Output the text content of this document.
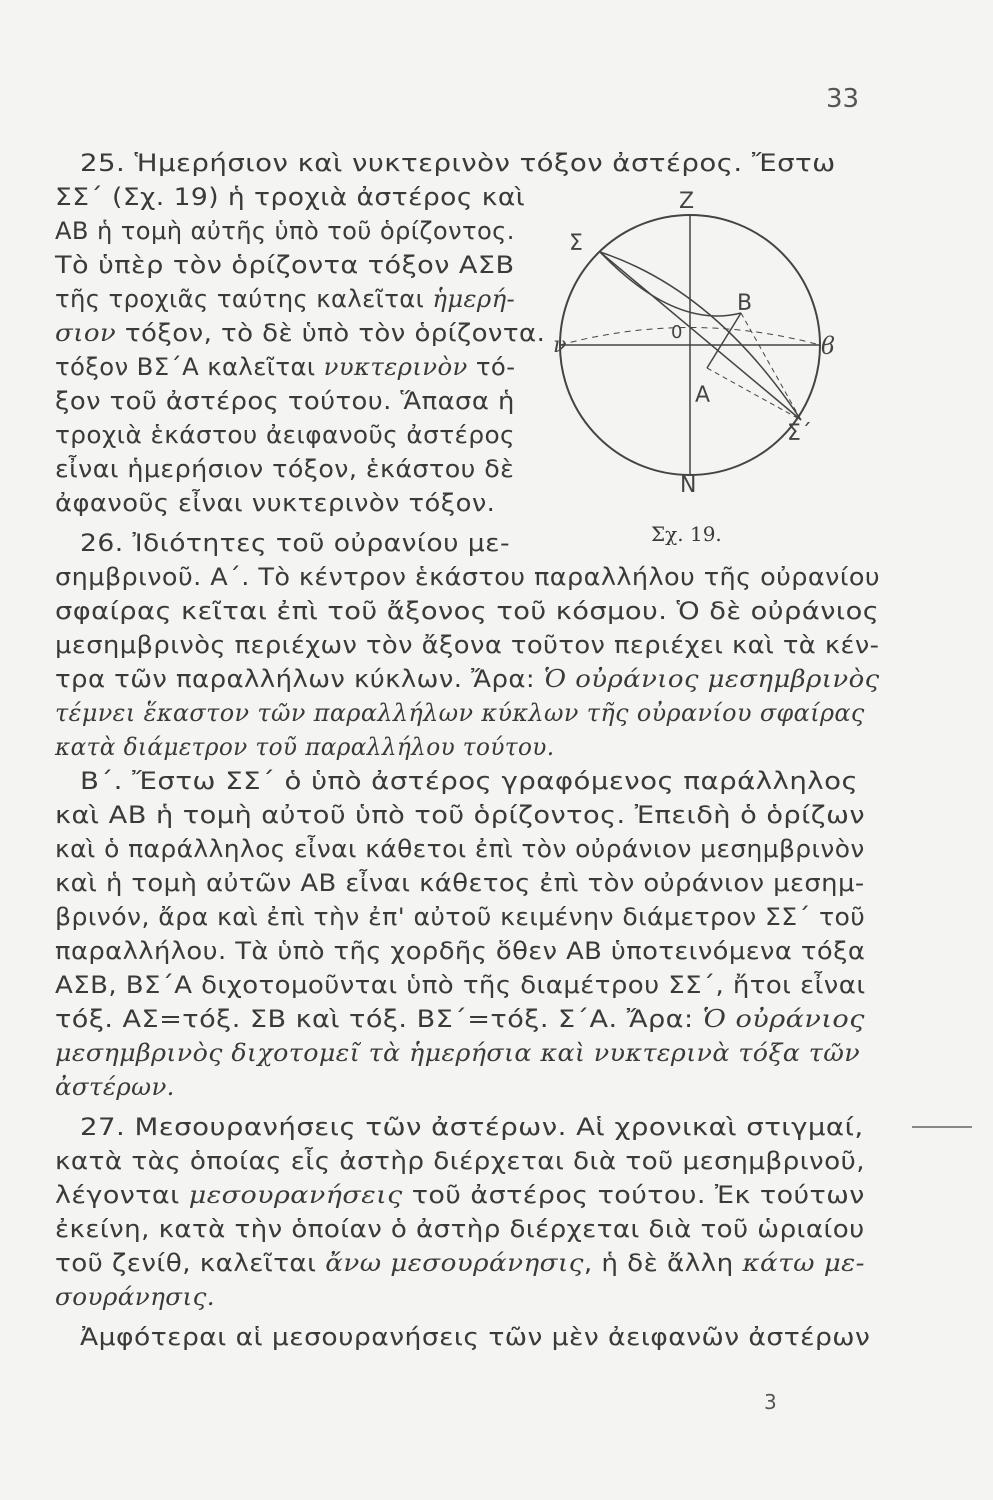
33
25. Ἡμερήσιον καὶ νυκτερινὸν τόξον ἀστέρος. Ἔστω
ΣΣ΄ (Σχ. 19) ἡ τροχιὰ ἀστέρος καὶ
ΑΒ ἡ τομὴ αὐτῆς ὑπὸ τοῦ ὁρίζοντος.
Τὸ ὑπὲρ τὸν ὁρίζοντα τόξον ΑΣΒ
τῆς τροχιᾶς ταύτης καλεῖται ἡμερή-
σιον τόξον, τὸ δὲ ὑπὸ τὸν ὁρίζοντα.
τόξον ΒΣ΄Α καλεῖται νυκτερινὸν τό-
ξον τοῦ ἀστέρος τούτου. Ἅπασα ἡ
τροχιὰ ἑκάστου ἀειφανοῦς ἀστέρος
εἶναι ἡμερήσιον τόξον, ἑκάστου δὲ
ἀφανοῦς εἶναι νυκτερινὸν τόξον.
26. Ἰδιότητες τοῦ οὐρανίου με-
σημβρινοῦ. Α΄. Τὸ κέντρον ἑκάστου παραλλήλου τῆς οὐρανίου
σφαίρας κεῖται ἐπὶ τοῦ ἄξονος τοῦ κόσμου. Ὁ δὲ οὐράνιος
μεσημβρινὸς περιέχων τὸν ἄξονα τοῦτον περιέχει καὶ τὰ κέν-
τρα τῶν παραλλήλων κύκλων. Ἄρα: Ὁ οὐράνιος μεσημβρινὸς
τέμνει ἕκαστον τῶν παραλλήλων κύκλων τῆς οὐρανίου σφαίρας
κατὰ διάμετρον τοῦ παραλλήλου τούτου.
Β΄. Ἔστω ΣΣ΄ ὁ ὑπὸ ἀστέρος γραφόμενος παράλληλος
καὶ ΑΒ ἡ τομὴ αὐτοῦ ὑπὸ τοῦ ὁρίζοντος. Ἐπειδὴ ὁ ὁρίζων
καὶ ὁ παράλληλος εἶναι κάθετοι ἐπὶ τὸν οὐράνιον μεσημβρινὸν
καὶ ἡ τομὴ αὐτῶν ΑΒ εἶναι κάθετος ἐπὶ τὸν οὐράνιον μεσημ-
βρινόν, ἄρα καὶ ἐπὶ τὴν ἐπ' αὐτοῦ κειμένην διάμετρον ΣΣ΄ τοῦ
παραλλήλου. Τὰ ὑπὸ τῆς χορδῆς ὅθεν ΑΒ ὑποτεινόμενα τόξα
ΑΣΒ, ΒΣ΄Α διχοτομοῦνται ὑπὸ τῆς διαμέτρου ΣΣ΄, ἤτοι εἶναι
τόξ. ΑΣ=τόξ. ΣΒ καὶ τόξ. ΒΣ΄=τόξ. Σ΄Α. Ἄρα: Ὁ οὐράνιος
μεσημβρινὸς διχοτομεῖ τὰ ἡμερήσια καὶ νυκτερινὰ τόξα τῶν
ἀστέρων.
27. Μεσουρανήσεις τῶν ἀστέρων. Αἱ χρονικαὶ στιγμαί,
κατὰ τὰς ὁποίας εἷς ἀστὴρ διέρχεται διὰ τοῦ μεσημβρινοῦ,
λέγονται μεσουρανήσεις τοῦ ἀστέρος τούτου. Ἐκ τούτων
ἐκείνη, κατὰ τὴν ὁποίαν ὁ ἀστὴρ διέρχεται διὰ τοῦ ὡριαίου
τοῦ ζενίθ, καλεῖται ἄνω μεσουράνησις, ἡ δὲ ἄλλη κάτω με-
σουράνησις.
Ἀμφότεραι αἱ μεσουρανήσεις τῶν μὲν ἀειφανῶν ἀστέρων
Z
Σ
Β
0
ν	ϐ
Α
Σ΄
N
Σχ. 19.
3
